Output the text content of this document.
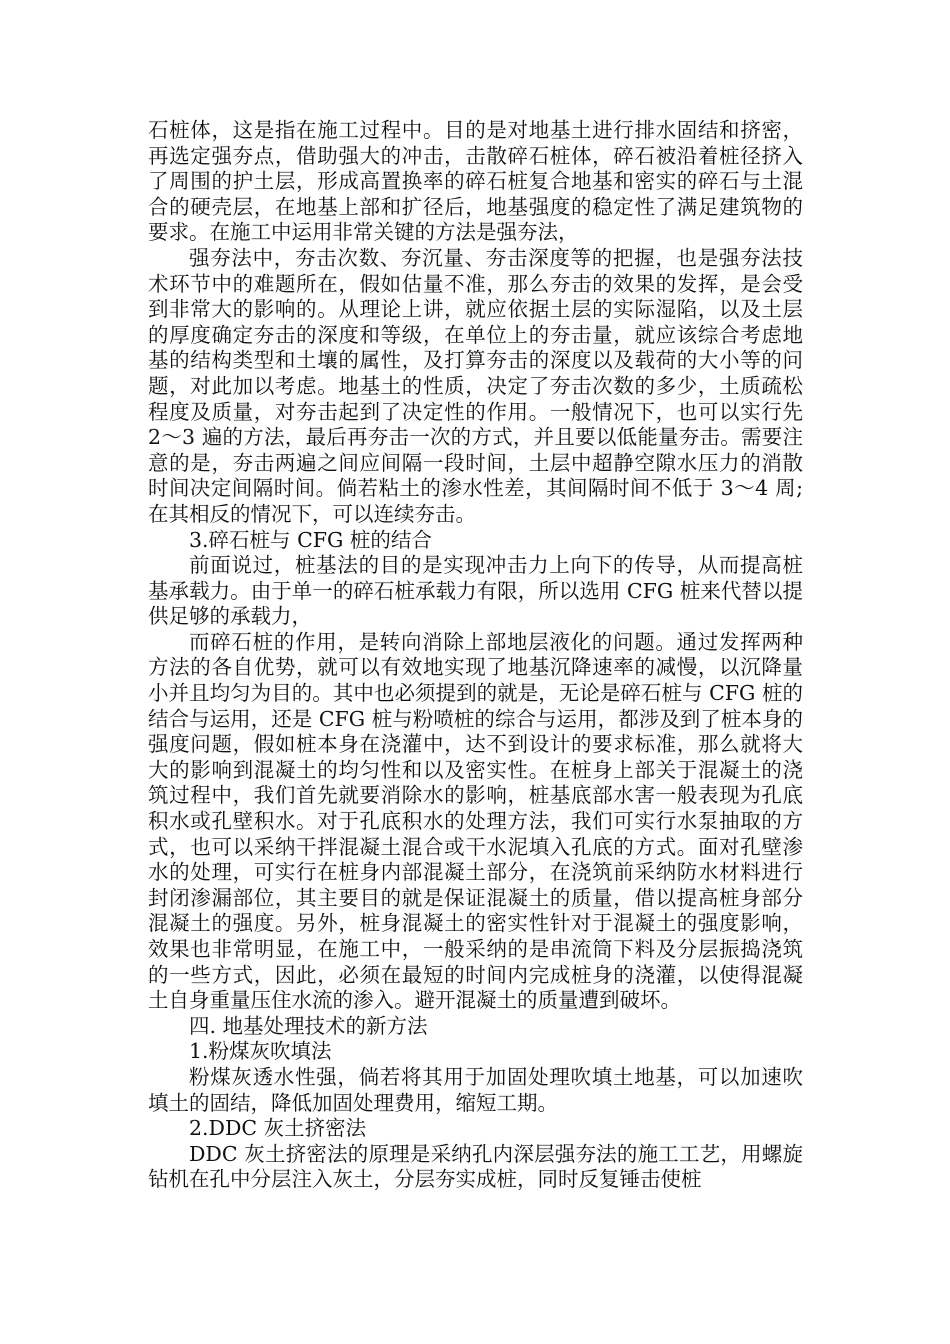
石桩体，这是指在施工过程中。目的是对地基土进行排水固结和挤密，再选定强夯点，借助强大的冲击，击散碎石桩体，碎石被沿着桩径挤入了周围的护土层，形成高置换率的碎石桩复合地基和密实的碎石与土混合的硬壳层，在地基上部和扩径后，地基强度的稳定性了满足建筑物的要求。在施工中运用非常关键的方法是强夯法，

强夯法中，夯击次数、夯沉量、夯击深度等的把握，也是强夯法技术环节中的难题所在，假如估量不准，那么夯击的效果的发挥，是会受到非常大的影响的。从理论上讲，就应依据土层的实际湿陷，以及土层的厚度确定夯击的深度和等级，在单位上的夯击量，就应该综合考虑地基的结构类型和土壤的属性，及打算夯击的深度以及载荷的大小等的问题，对此加以考虑。地基土的性质，决定了夯击次数的多少，土质疏松程度及质量，对夯击起到了决定性的作用。一般情况下，也可以实行先 2～3 遍的方法，最后再夯击一次的方式，并且要以低能量夯击。需要注意的是，夯击两遍之间应间隔一段时间，土层中超静空隙水压力的消散时间决定间隔时间。倘若粘土的渗水性差，其间隔时间不低于 3～4 周; 在其相反的情况下，可以连续夯击。

3.碎石桩与 CFG 桩的结合

前面说过，桩基法的目的是实现冲击力上向下的传导，从而提高桩基承载力。由于单一的碎石桩承载力有限，所以选用 CFG 桩来代替以提供足够的承载力，

而碎石桩的作用，是转向消除上部地层液化的问题。通过发挥两种方法的各自优势，就可以有效地实现了地基沉降速率的减慢，以沉降量小并且均匀为目的。其中也必须提到的就是，无论是碎石桩与 CFG 桩的结合与运用，还是 CFG 桩与粉喷桩的综合与运用，都涉及到了桩本身的强度问题，假如桩本身在浇灌中，达不到设计的要求标准，那么就将大大的影响到混凝土的均匀性和以及密实性。在桩身上部关于混凝土的浇筑过程中，我们首先就要消除水的影响，桩基底部水害一般表现为孔底积水或孔壁积水。对于孔底积水的处理方法，我们可实行水泵抽取的方式，也可以采纳干拌混凝土混合或干水泥填入孔底的方式。面对孔壁渗水的处理，可实行在桩身内部混凝土部分，在浇筑前采纳防水材料进行封闭渗漏部位，其主要目的就是保证混凝土的质量，借以提高桩身部分混凝土的强度。另外，桩身混凝土的密实性针对于混凝土的强度影响，效果也非常明显，在施工中，一般采纳的是串流筒下料及分层振捣浇筑的一些方式，因此，必须在最短的时间内完成桩身的浇灌，以使得混凝土自身重量压住水流的渗入。避开混凝土的质量遭到破坏。

四. 地基处理技术的新方法

1.粉煤灰吹填法

粉煤灰透水性强，倘若将其用于加固处理吹填土地基，可以加速吹填土的固结，降低加固处理费用，缩短工期。

2.DDC 灰土挤密法

DDC 灰土挤密法的原理是采纳孔内深层强夯法的施工工艺，用螺旋钻机在孔中分层注入灰土，分层夯实成桩，同时反复锤击使桩
